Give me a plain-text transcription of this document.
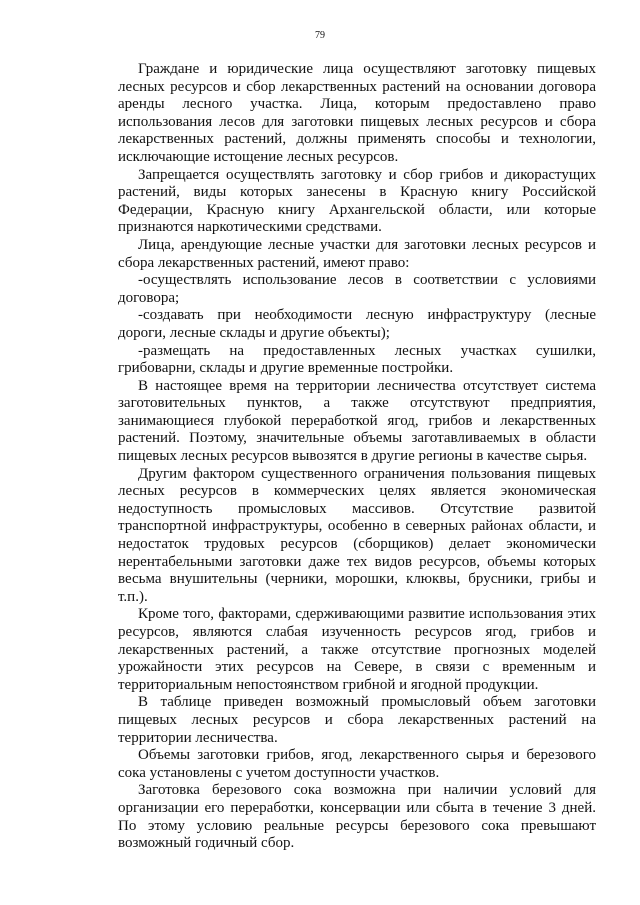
79

Граждане и юридические лица осуществляют заготовку пищевых лесных ресурсов и сбор лекарственных растений на основании договора аренды лесного участка. Лица, которым предоставлено право использования лесов для заготовки пищевых лесных ресурсов и сбора лекарственных растений, должны применять способы и технологии, исключающие истощение лесных ресурсов.

Запрещается осуществлять заготовку и сбор грибов и дикорастущих растений, виды которых занесены в Красную книгу Российской Федерации, Красную книгу Архангельской области, или которые признаются наркотическими средствами.

Лица, арендующие лесные участки для заготовки лесных ресурсов и сбора лекарственных растений, имеют право:

-осуществлять использование лесов в соответствии с условиями договора;

-создавать при необходимости лесную инфраструктуру (лесные дороги, лесные склады и другие объекты);

-размещать на предоставленных лесных участках сушилки, грибоварни, склады и другие временные постройки.

В настоящее время на территории лесничества отсутствует система заготовительных пунктов, а также отсутствуют предприятия, занимающиеся глубокой переработкой ягод, грибов и лекарственных растений. Поэтому, значительные объемы заготавливаемых в области пищевых лесных ресурсов вывозятся в другие регионы в качестве сырья.

Другим фактором существенного ограничения пользования пищевых лесных ресурсов в коммерческих целях является экономическая недоступность промысловых массивов. Отсутствие развитой транспортной инфраструктуры, особенно в северных районах области, и недостаток трудовых ресурсов (сборщиков) делает экономически нерентабельными заготовки даже тех видов ресурсов, объемы которых весьма внушительны (черники, морошки, клюквы, брусники, грибы и т.п.).

Кроме того, факторами, сдерживающими развитие использования этих ресурсов, являются слабая изученность ресурсов ягод, грибов и лекарственных растений, а также отсутствие прогнозных моделей урожайности этих ресурсов на Севере, в связи с временным и территориальным непостоянством грибной и ягодной продукции.

В таблице приведен возможный промысловый объем заготовки пищевых лесных ресурсов и сбора лекарственных растений на территории лесничества.

Объемы заготовки грибов, ягод, лекарственного сырья и березового сока установлены с учетом доступности участков.

Заготовка березового сока возможна при наличии условий для организации его переработки, консервации или сбыта в течение 3 дней. По этому условию реальные ресурсы березового сока превышают возможный годичный сбор.
